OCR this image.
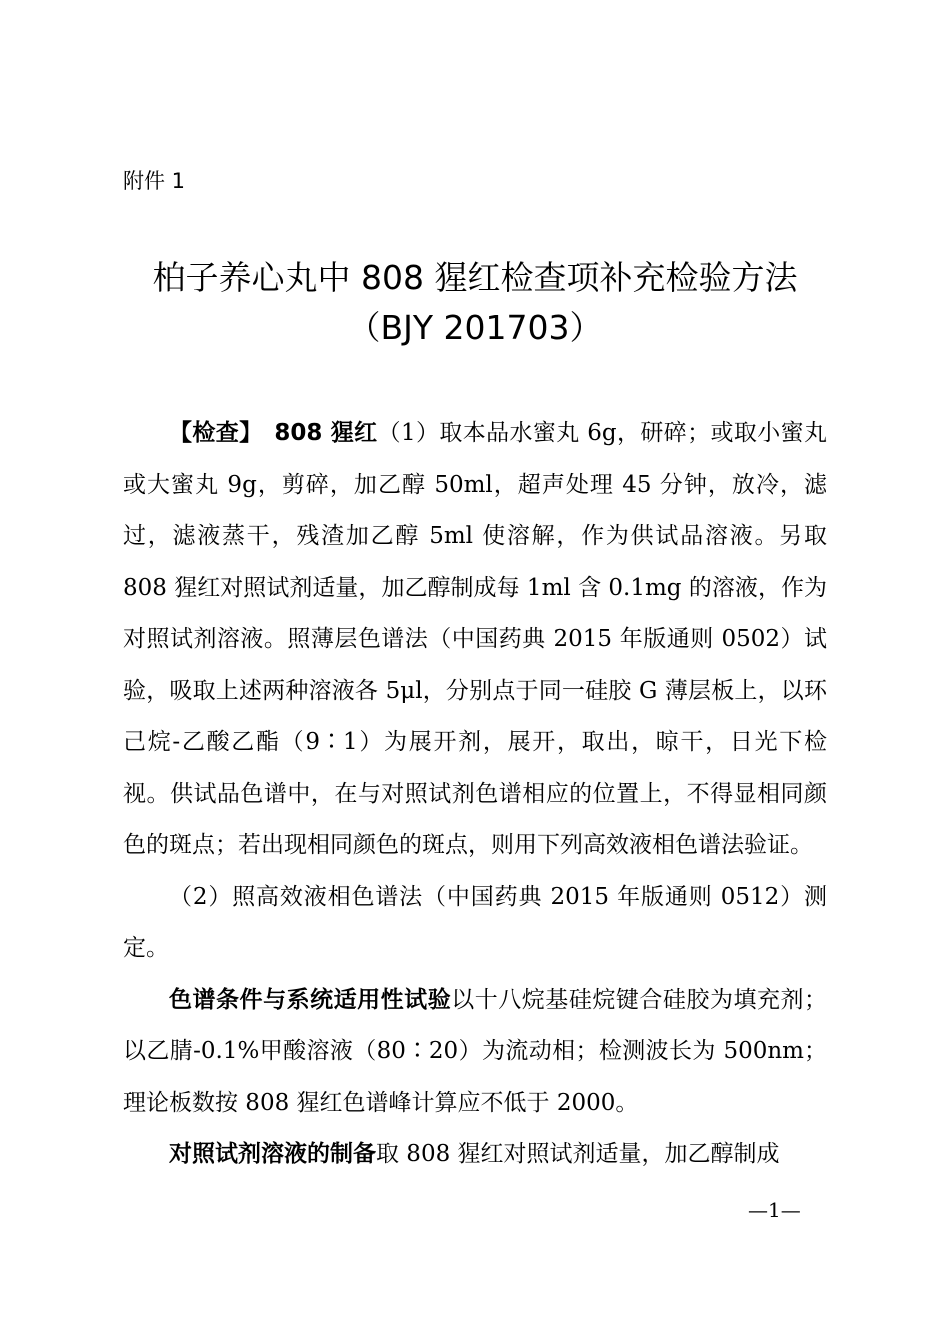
附件 1
柏子养心丸中 808 猩红检查项补充检验方法
（BJY 201703）

【检查】　 808 猩红（1）取本品水蜜丸 6g，研碎；或取小蜜丸或大蜜丸 9g，剪碎，加乙醇 50ml，超声处理 45 分钟，放冷，滤过，滤液蒸干，残渣加乙醇 5ml 使溶解，作为供试品溶液。另取 808 猩红对照试剂适量，加乙醇制成每 1ml 含 0.1mg 的溶液，作为对照试剂溶液。照薄层色谱法（中国药典 2015 年版通则 0502）试验，吸取上述两种溶液各 5μl，分别点于同一硅胶 G 薄层板上，以环己烷-乙酸乙酯（9∶1）为展开剂，展开，取出，晾干，日光下检视。供试品色谱中，在与对照试剂色谱相应的位置上，不得显相同颜色的斑点；若出现相同颜色的斑点，则用下列高效液相色谱法验证。

（2）照高效液相色谱法（中国药典 2015 年版通则 0512）测定。

色谱条件与系统适用性试验以十八烷基硅烷键合硅胶为填充剂；以乙腈-0.1%甲酸溶液（80∶20）为流动相；检测波长为 500nm；理论板数按 808 猩红色谱峰计算应不低于 2000。

对照试剂溶液的制备取 808 猩红对照试剂适量，加乙醇制成

—1—
